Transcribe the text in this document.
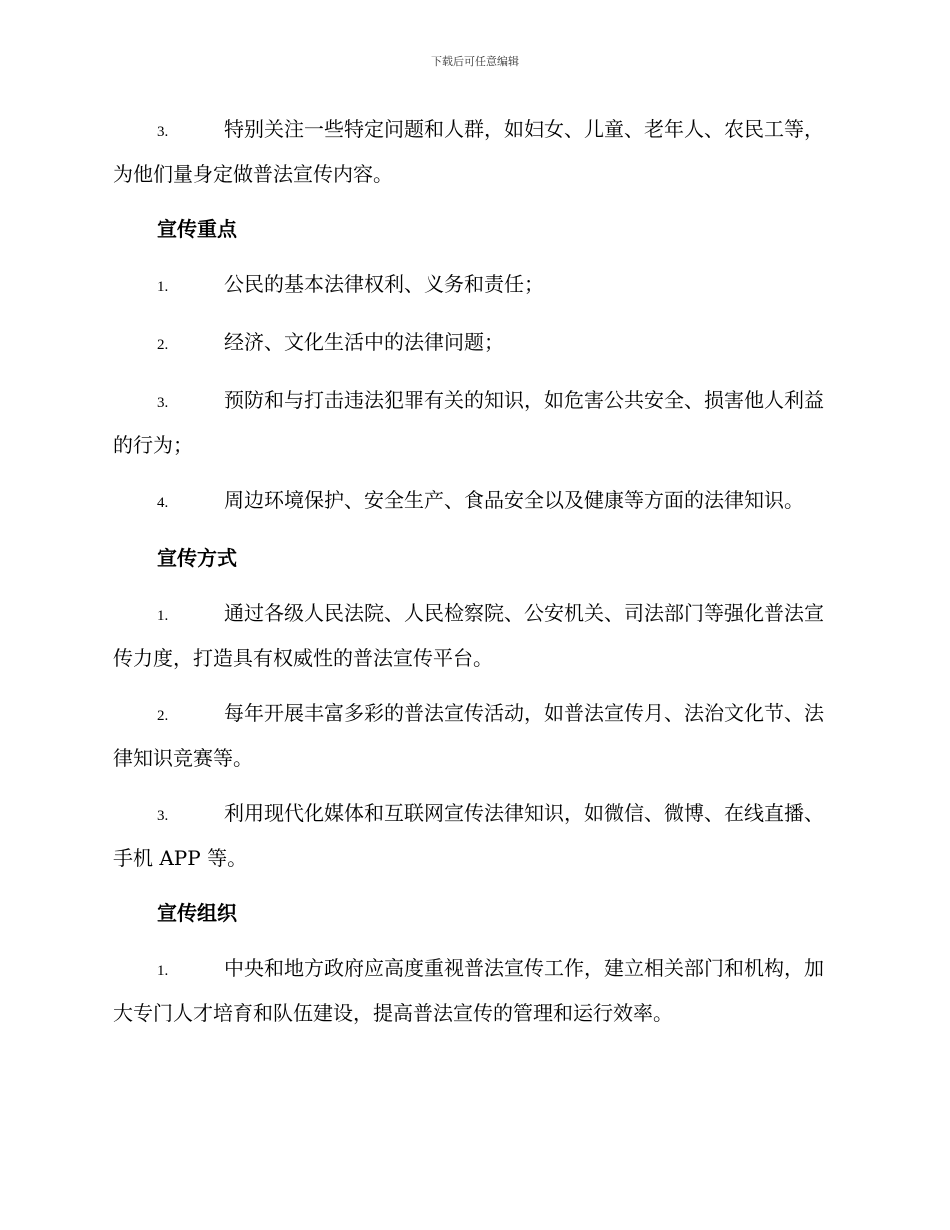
下载后可任意编辑

3.	特别关注一些特定问题和人群，如妇女、儿童、老年人、农民工等，为他们量身定做普法宣传内容。

宣传重点

1.	公民的基本法律权利、义务和责任；

2.	经济、文化生活中的法律问题；

3.	预防和与打击违法犯罪有关的知识，如危害公共安全、损害他人利益的行为；

4.	周边环境保护、安全生产、食品安全以及健康等方面的法律知识。

宣传方式

1.	通过各级人民法院、人民检察院、公安机关、司法部门等强化普法宣传力度，打造具有权威性的普法宣传平台。

2.	每年开展丰富多彩的普法宣传活动，如普法宣传月、法治文化节、法律知识竞赛等。

3.	利用现代化媒体和互联网宣传法律知识，如微信、微博、在线直播、手机 APP 等。

宣传组织

1.	中央和地方政府应高度重视普法宣传工作，建立相关部门和机构，加大专门人才培育和队伍建设，提高普法宣传的管理和运行效率。
